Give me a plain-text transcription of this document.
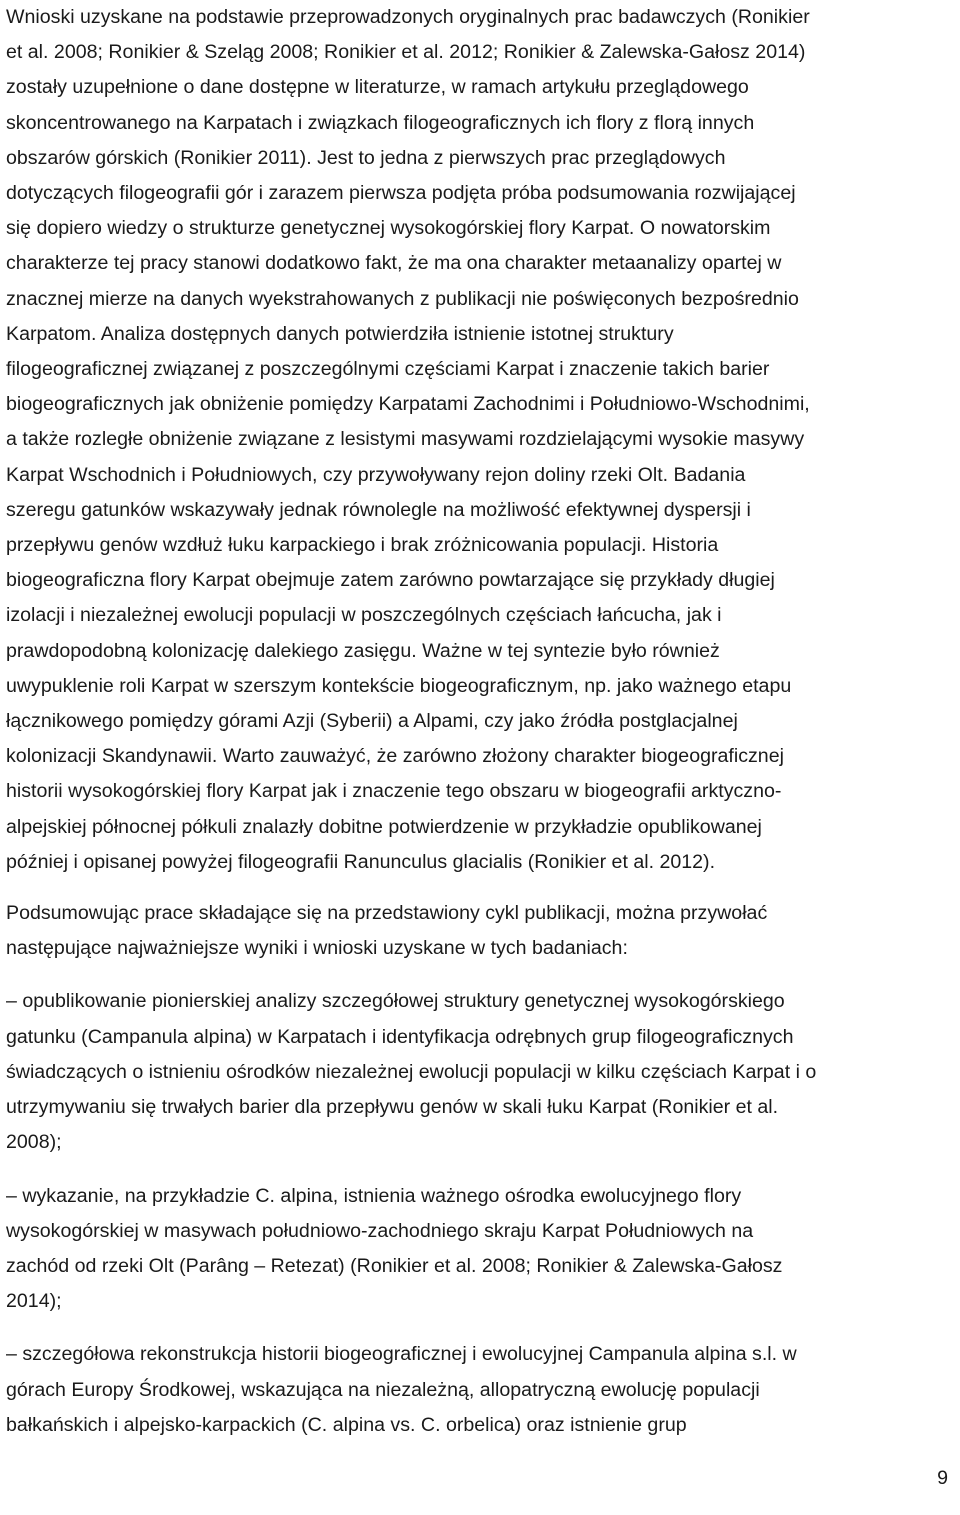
Wnioski uzyskane na podstawie przeprowadzonych oryginalnych prac badawczych (Ronikier
et al. 2008; Ronikier & Szeląg 2008; Ronikier et al. 2012; Ronikier & Zalewska-Gałosz 2014)
zostały uzupełnione o dane dostępne w literaturze, w ramach artykułu przeglądowego
skoncentrowanego na Karpatach i związkach filogeograficznych ich flory z florą innych
obszarów górskich (Ronikier 2011). Jest to jedna z pierwszych prac przeglądowych
dotyczących filogeografii gór i zarazem pierwsza podjęta próba podsumowania rozwijającej
się dopiero wiedzy o strukturze genetycznej wysokogórskiej flory Karpat. O nowatorskim
charakterze tej pracy stanowi dodatkowo fakt, że ma ona charakter metaanalizy opartej w
znacznej mierze na danych wyekstrahowanych z publikacji nie poświęconych bezpośrednio
Karpatom. Analiza dostępnych danych potwierdziła istnienie istotnej struktury
filogeograficznej związanej z poszczególnymi częściami Karpat i znaczenie takich barier
biogeograficznych jak obniżenie pomiędzy Karpatami Zachodnimi i Południowo-Wschodnimi,
a także rozległe obniżenie związane z lesistymi masywami rozdzielającymi wysokie masywy
Karpat Wschodnich i Południowych, czy przywoływany rejon doliny rzeki Olt. Badania
szeregu gatunków wskazywały jednak równolegle na możliwość efektywnej dyspersji i
przepływu genów wzdłuż łuku karpackiego i brak zróżnicowania populacji. Historia
biogeograficzna flory Karpat obejmuje zatem zarówno powtarzające się przykłady długiej
izolacji i niezależnej ewolucji populacji w poszczególnych częściach łańcucha, jak i
prawdopodobną kolonizację dalekiego zasięgu. Ważne w tej syntezie było również
uwypuklenie roli Karpat w szerszym kontekście biogeograficznym, np. jako ważnego etapu
łącznikowego pomiędzy górami Azji (Syberii) a Alpami, czy jako źródła postglacjalnej
kolonizacji Skandynawii. Warto zauważyć, że zarówno złożony charakter biogeograficznej
historii wysokogórskiej flory Karpat jak i znaczenie tego obszaru w biogeografii arktyczno-
alpejskiej północnej półkuli znalazły dobitne potwierdzenie w przykładzie opublikowanej
później i opisanej powyżej filogeografii Ranunculus glacialis (Ronikier et al. 2012).

Podsumowując prace składające się na przedstawiony cykl publikacji, można przywołać
następujące najważniejsze wyniki i wnioski uzyskane w tych badaniach:

– opublikowanie pionierskiej analizy szczegółowej struktury genetycznej wysokogórskiego
gatunku (Campanula alpina) w Karpatach i identyfikacja odrębnych grup filogeograficznych
świadczących o istnieniu ośrodków niezależnej ewolucji populacji w kilku częściach Karpat i o
utrzymywaniu się trwałych barier dla przepływu genów w skali łuku Karpat (Ronikier et al.
2008);

– wykazanie, na przykładzie C. alpina, istnienia ważnego ośrodka ewolucyjnego flory
wysokogórskiej w masywach południowo-zachodniego skraju Karpat Południowych na
zachód od rzeki Olt (Parâng – Retezat) (Ronikier et al. 2008; Ronikier & Zalewska-Gałosz
2014);

– szczegółowa rekonstrukcja historii biogeograficznej i ewolucyjnej Campanula alpina s.l. w
górach Europy Środkowej, wskazująca na niezależną, allopatryczną ewolucję populacji
bałkańskich i alpejsko-karpackich (C. alpina vs. C. orbelica) oraz istnienie grup

9
